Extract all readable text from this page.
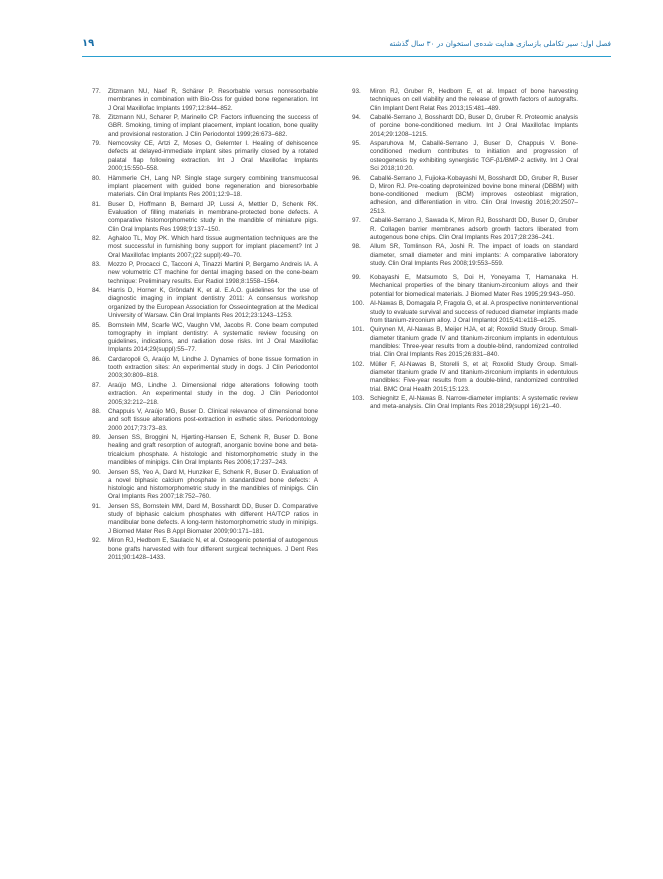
۱۹	فصل اول: سیر تکاملی بازسازی هدایت شده‌ی استخوان در ۳۰ سال گذشته
77.	Zitzmann NU, Naef R, Schärer P. Resorbable versus nonresorbable membranes in combination with Bio-Oss for guided bone regeneration. Int J Oral Maxillofac Implants 1997;12:844–852.
78.	Zitzmann NU, Scharer P, Marinello CP. Factors influencing the success of GBR. Smoking, timing of implant placement, implant location, bone quality and provisional restoration. J Clin Periodontol 1999;26:673–682.
79.	Nemcovsky CE, Artzi Z, Moses O, Gelernter I. Healing of dehiscence defects at delayed-immediate implant sites primarily closed by a rotated palatal flap following extraction. Int J Oral Maxillofac Implants 2000;15:550–558.
80.	Hämmerle CH, Lang NP. Single stage surgery combining transmucosal implant placement with guided bone regeneration and bioresorbable materials. Clin Oral Implants Res 2001;12:9–18.
81.	Buser D, Hoffmann B, Bernard JP, Lussi A, Mettler D, Schenk RK. Evaluation of filling materials in membrane-protected bone defects. A comparative histomorphometric study in the mandible of miniature pigs. Clin Oral Implants Res 1998;9:137–150.
82.	Aghaloo TL, Moy PK. Which hard tissue augmentation techniques are the most successful in furnishing bony support for implant placement? Int J Oral Maxillofac Implants 2007;(22 suppl):49–70.
83.	Mozzo P, Procacci C, Tacconi A, Tinazzi Martini P, Bergamo Andreis IA. A new volumetric CT machine for dental imaging based on the cone-beam technique: Preliminary results. Eur Radiol 1998;8:1558–1564.
84.	Harris D, Horner K, Gröndahl K, et al. E.A.O. guidelines for the use of diagnostic imaging in implant dentistry 2011: A consensus workshop organized by the European Association for Osseointegration at the Medical University of Warsaw. Clin Oral Implants Res 2012;23:1243–1253.
85.	Bornstein MM, Scarfe WC, Vaughn VM, Jacobs R. Cone beam computed tomography in implant dentistry: A systematic review focusing on guidelines, indications, and radiation dose risks. Int J Oral Maxillofac Implants 2014;29(suppl):55–77.
86.	Cardaropoli G, Araújo M, Lindhe J. Dynamics of bone tissue formation in tooth extraction sites: An experimental study in dogs. J Clin Periodontol 2003;30:809–818.
87.	Araújo MG, Lindhe J. Dimensional ridge alterations following tooth extraction. An experimental study in the dog. J Clin Periodontol 2005;32:212–218.
88.	Chappuis V, Araújo MG, Buser D. Clinical relevance of dimensional bone and soft tissue alterations post-extraction in esthetic sites. Periodontology 2000 2017;73:73–83.
89.	Jensen SS, Broggini N, Hjørting-Hansen E, Schenk R, Buser D. Bone healing and graft resorption of autograft, anorganic bovine bone and beta-tricalcium phosphate. A histologic and histomorphometric study in the mandibles of minipigs. Clin Oral Implants Res 2006;17:237–243.
90.	Jensen SS, Yeo A, Dard M, Hunziker E, Schenk R, Buser D. Evaluation of a novel biphasic calcium phosphate in standardized bone defects: A histologic and histomorphometric study in the mandibles of minipigs. Clin Oral Implants Res 2007;18:752–760.
91.	Jensen SS, Bornstein MM, Dard M, Bosshardt DD, Buser D. Comparative study of biphasic calcium phosphates with different HA/TCP ratios in mandibular bone defects. A long-term histomorphometric study in minipigs. J Biomed Mater Res B Appl Biomater 2009;90:171–181.
92.	Miron RJ, Hedbom E, Saulacic N, et al. Osteogenic potential of autogenous bone grafts harvested with four different surgical techniques. J Dent Res 2011;90:1428–1433.
93.	Miron RJ, Gruber R, Hedbom E, et al. Impact of bone harvesting techniques on cell viability and the release of growth factors of autografts. Clin Implant Dent Relat Res 2013;15:481–489.
94.	Caballé-Serrano J, Bosshardt DD, Buser D, Gruber R. Proteomic analysis of porcine bone-conditioned medium. Int J Oral Maxillofac Implants 2014;29:1208–1215.
95.	Asparuhova M, Caballé-Serrano J, Buser D, Chappuis V. Bone-conditioned medium contributes to initiation and progression of osteogenesis by exhibiting synergistic TGF-β1/BMP-2 activity. Int J Oral Sci 2018;10:20.
96.	Caballé-Serrano J, Fujioka-Kobayashi M, Bosshardt DD, Gruber R, Buser D, Miron RJ. Pre-coating deproteinized bovine bone mineral (DBBM) with bone-conditioned medium (BCM) improves osteoblast migration, adhesion, and differentiation in vitro. Clin Oral Investig 2016;20:2507–2513.
97.	Caballé-Serrano J, Sawada K, Miron RJ, Bosshardt DD, Buser D, Gruber R. Collagen barrier membranes adsorb growth factors liberated from autogenous bone chips. Clin Oral Implants Res 2017;28:236–241.
98.	Allum SR, Tomlinson RA, Joshi R. The impact of loads on standard diameter, small diameter and mini implants: A comparative laboratory study. Clin Oral Implants Res 2008;19:553–559.
99.	Kobayashi E, Matsumoto S, Doi H, Yoneyama T, Hamanaka H. Mechanical properties of the binary titanium-zirconium alloys and their potential for biomedical materials. J Biomed Mater Res 1995;29:943–950.
100. Al-Nawas B, Domagala P, Fragola G, et al. A prospective noninterventional study to evaluate survival and success of reduced diameter implants made from titanium-zirconium alloy. J Oral Implantol 2015;41:e118–e125.
101. Quirynen M, Al-Nawas B, Meijer HJA, et al; Roxolid Study Group. Small-diameter titanium grade IV and titanium-zirconium implants in edentulous mandibles: Three-year results from a double-blind, randomized controlled trial. Clin Oral Implants Res 2015;26:831–840.
102. Müller F, Al-Nawas B, Storelli S, et al; Roxolid Study Group. Small-diameter titanium grade IV and titanium-zirconium implants in edentulous mandibles: Five-year results from a double-blind, randomized controlled trial. BMC Oral Health 2015;15:123.
103. Schiegnitz E, Al-Nawas B. Narrow-diameter implants: A systematic review and meta-analysis. Clin Oral Implants Res 2018;29(suppl 16):21–40.
